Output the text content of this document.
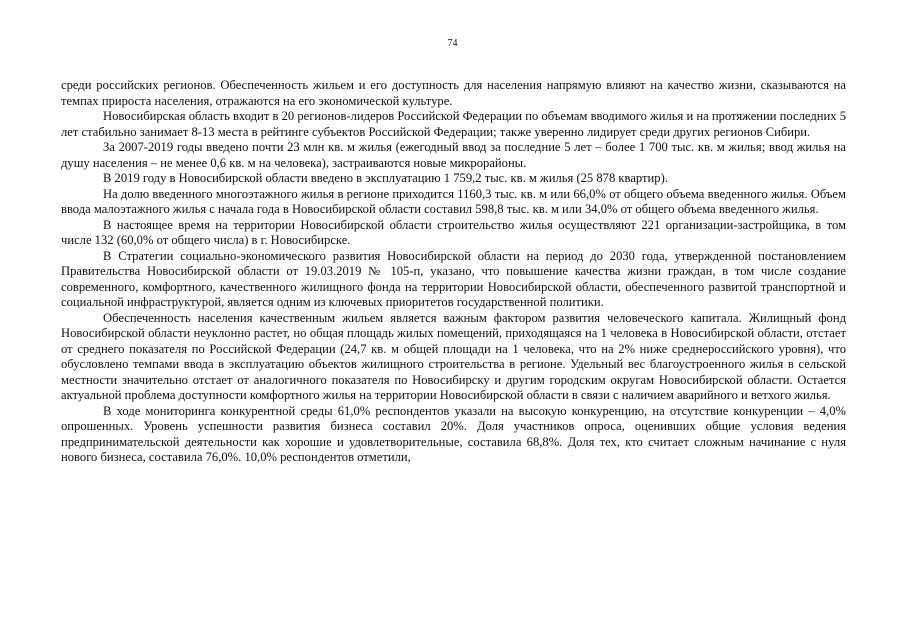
74

среди российских регионов. Обеспеченность жильем и его доступность для населения напрямую влияют на качество жизни, сказываются на темпах прироста населения, отражаются на его экономической культуре.

Новосибирская область входит в 20 регионов-лидеров Российской Федерации по объемам вводимого жилья и на протяжении последних 5 лет стабильно занимает 8-13 места в рейтинге субъектов Российской Федерации; также уверенно лидирует среди других регионов Сибири.

За 2007-2019 годы введено почти 23 млн кв. м жилья (ежегодный ввод за последние 5 лет – более 1 700 тыс. кв. м жилья; ввод жилья на душу населения – не менее 0,6 кв. м на человека), застраиваются новые микрорайоны.

В 2019 году в Новосибирской области введено в эксплуатацию 1 759,2 тыс. кв. м жилья (25 878 квартир).

На долю введенного многоэтажного жилья в регионе приходится 1160,3 тыс. кв. м или 66,0% от общего объема введенного жилья. Объем ввода малоэтажного жилья с начала года в Новосибирской области составил 598,8 тыс. кв. м или 34,0% от общего объема введенного жилья.

В настоящее время на территории Новосибирской области строительство жилья осуществляют 221 организации-застройщика, в том числе 132 (60,0% от общего числа) в г. Новосибирске.

В Стратегии социально-экономического развития Новосибирской области на период до 2030 года, утвержденной постановлением Правительства Новосибирской области от 19.03.2019 № 105-п, указано, что повышение качества жизни граждан, в том числе создание современного, комфортного, качественного жилищного фонда на территории Новосибирской области, обеспеченного развитой транспортной и социальной инфраструктурой, является одним из ключевых приоритетов государственной политики.

Обеспеченность населения качественным жильем является важным фактором развития человеческого капитала. Жилищный фонд Новосибирской области неуклонно растет, но общая площадь жилых помещений, приходящаяся на 1 человека в Новосибирской области, отстает от среднего показателя по Российской Федерации (24,7 кв. м общей площади на 1 человека, что на 2% ниже среднероссийского уровня), что обусловлено темпами ввода в эксплуатацию объектов жилищного строительства в регионе. Удельный вес благоустроенного жилья в сельской местности значительно отстает от аналогичного показателя по Новосибирску и другим городским округам Новосибирской области. Остается актуальной проблема доступности комфортного жилья на территории Новосибирской области в связи с наличием аварийного и ветхого жилья.

В ходе мониторинга конкурентной среды 61,0% респондентов указали на высокую конкуренцию, на отсутствие конкуренции – 4,0% опрошенных. Уровень успешности развития бизнеса составил 20%. Доля участников опроса, оценивших общие условия ведения предпринимательской деятельности как хорошие и удовлетворительные, составила 68,8%. Доля тех, кто считает сложным начинание с нуля нового бизнеса, составила 76,0%. 10,0% респондентов отметили,
